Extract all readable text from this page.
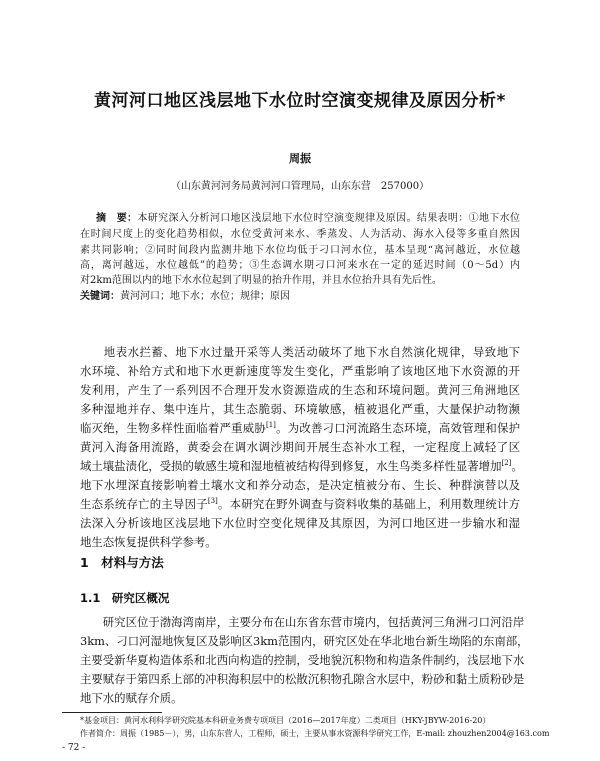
黄河河口地区浅层地下水位时空演变规律及原因分析*
周振
（山东黄河河务局黄河河口管理局，山东东营　257000）
摘　要：本研究深入分析河口地区浅层地下水位时空演变规律及原因。结果表明：①地下水位
在时间尺度上的变化趋势相似，水位受黄河来水、季蒸发、人为活动、海水入侵等多重自然因
素共同影响；②同时间段内监测井地下水位均低于刁口河水位，基本呈现“离河越近，水位越
高，离河越远，水位越低”的趋势；③生态调水期刁口河来水在一定的延迟时间（0～5d）内
对2km范围以内的地下水水位起到了明显的抬升作用，并且水位抬升具有先后性。
关键词：黄河河口；地下水；水位；规律；原因
　　地表水拦蓄、地下水过量开采等人类活动破坏了地下水自然演化规律，导致地下
水环境、补给方式和地下水更新速度等发生变化，严重影响了该地区地下水资源的开
发利用，产生了一系列因不合理开发水资源造成的生态和环境问题。黄河三角洲地区
多种湿地并存、集中连片，其生态脆弱、环境敏感，植被退化严重，大量保护动物濒
临灭绝，生物多样性面临着严重威胁[1]。为改善刁口河流路生态环境，高效管理和保护
黄河入海备用流路，黄委会在调水调沙期间开展生态补水工程，一定程度上减轻了区
域土壤盐渍化，受损的敏感生境和湿地植被结构得到修复，水生鸟类多样性显著增加[2]。
地下水埋深直接影响着土壤水文和养分动态，是决定植被分布、生长、种群演替以及
生态系统存亡的主导因子[3]。本研究在野外调查与资料收集的基础上，利用数理统计方
法深入分析该地区浅层地下水位时空变化规律及其原因，为河口地区进一步输水和湿
地生态恢复提供科学参考。
1　材料与方法
1.1　研究区概况
　　研究区位于渤海湾南岸，主要分布在山东省东营市境内，包括黄河三角洲刁口河沿岸
3km、刁口河湿地恢复区及影响区3km范围内，研究区处在华北地台新生坳陷的东南部，
主要受新华夏构造体系和北西向构造的控制，受地貌沉积物和构造条件制约，浅层地下水
主要赋存于第四系上部的冲积海积层中的松散沉积物孔隙含水层中，粉砂和黏土质粉砂是
地下水的赋存介质。
*基金项目：黄河水利科学研究院基本科研业务费专项项目（2016—2017年度）二类项目（HKY-JBYW-2016-20）
作者简介：周振（1985－），男，山东东营人，工程师，硕士，主要从事水资源科学研究工作，E-mail: zhouzhen2004@163.com
- 72 -
